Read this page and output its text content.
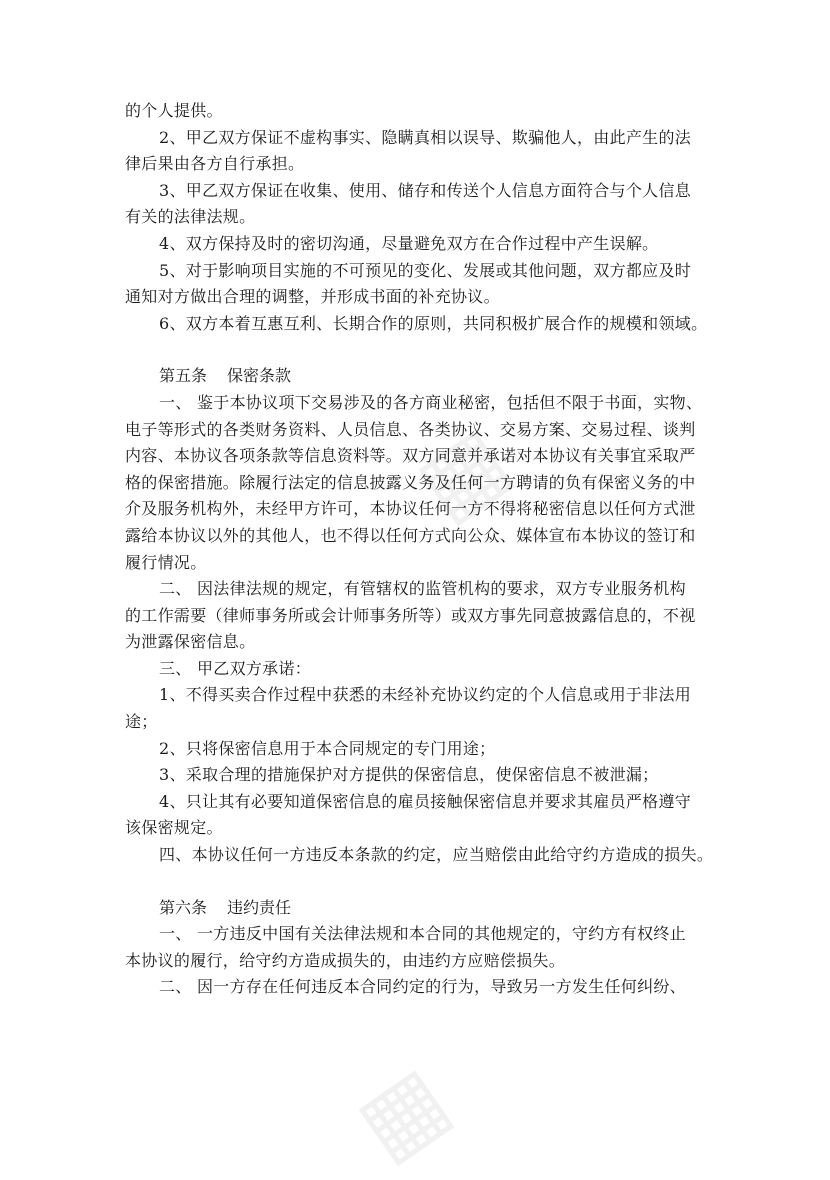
▦
▦
的个人提供。
2、甲乙双方保证不虚构事实、隐瞒真相以误导、欺骗他人，由此产生的法
律后果由各方自行承担。
3、甲乙双方保证在收集、使用、储存和传送个人信息方面符合与个人信息
有关的法律法规。
4、双方保持及时的密切沟通，尽量避免双方在合作过程中产生误解。
5、对于影响项目实施的不可预见的变化、发展或其他问题，双方都应及时
通知对方做出合理的调整，并形成书面的补充协议。
6、双方本着互惠互利、长期合作的原则，共同积极扩展合作的规模和领域。
第五条 保密条款
一、 鉴于本协议项下交易涉及的各方商业秘密，包括但不限于书面，实物、
电子等形式的各类财务资料、人员信息、各类协议、交易方案、交易过程、谈判
内容、本协议各项条款等信息资料等。双方同意并承诺对本协议有关事宜采取严
格的保密措施。除履行法定的信息披露义务及任何一方聘请的负有保密义务的中
介及服务机构外，未经甲方许可，本协议任何一方不得将秘密信息以任何方式泄
露给本协议以外的其他人，也不得以任何方式向公众、媒体宣布本协议的签订和
履行情况。
二、 因法律法规的规定，有管辖权的监管机构的要求，双方专业服务机构
的工作需要（律师事务所或会计师事务所等）或双方事先同意披露信息的，不视
为泄露保密信息。
三、 甲乙双方承诺：
1、不得买卖合作过程中获悉的未经补充协议约定的个人信息或用于非法用
途；
2、只将保密信息用于本合同规定的专门用途；
3、采取合理的措施保护对方提供的保密信息，使保密信息不被泄漏；
4、只让其有必要知道保密信息的雇员接触保密信息并要求其雇员严格遵守
该保密规定。
四、本协议任何一方违反本条款的约定，应当赔偿由此给守约方造成的损失。
第六条 违约责任
一、 一方违反中国有关法律法规和本合同的其他规定的，守约方有权终止
本协议的履行，给守约方造成损失的，由违约方应赔偿损失。
二、 因一方存在任何违反本合同约定的行为，导致另一方发生任何纠纷、
